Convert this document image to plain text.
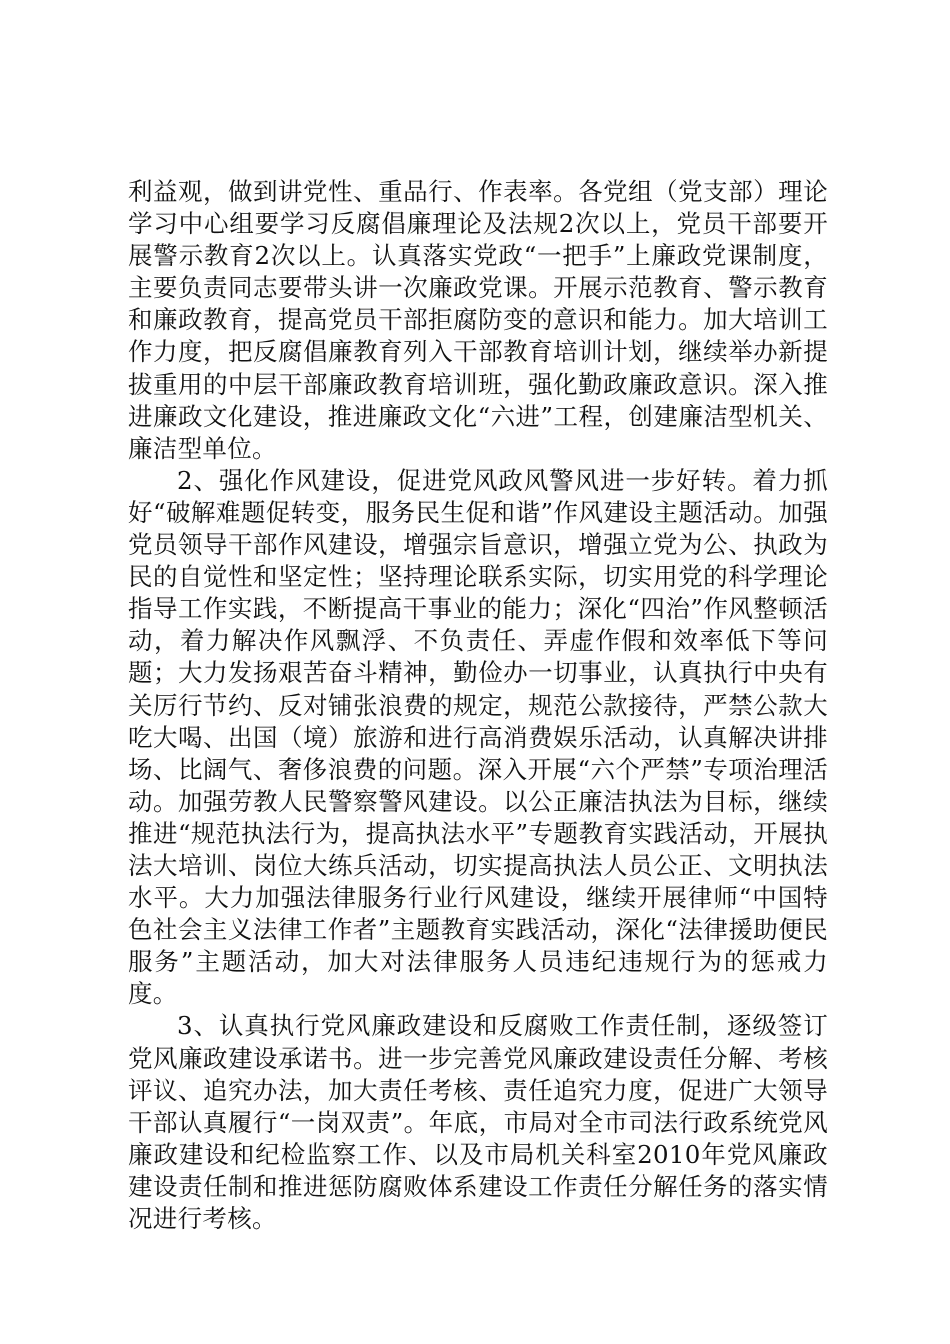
利益观，做到讲党性、重品行、作表率。各党组（党支部）理论学习中心组要学习反腐倡廉理论及法规2次以上，党员干部要开展警示教育2次以上。认真落实党政“一把手”上廉政党课制度，主要负责同志要带头讲一次廉政党课。开展示范教育、警示教育和廉政教育，提高党员干部拒腐防变的意识和能力。加大培训工作力度，把反腐倡廉教育列入干部教育培训计划，继续举办新提拔重用的中层干部廉政教育培训班，强化勤政廉政意识。深入推进廉政文化建设，推进廉政文化“六进”工程，创建廉洁型机关、廉洁型单位。

2、强化作风建设，促进党风政风警风进一步好转。着力抓好“破解难题促转变，服务民生促和谐”作风建设主题活动。加强党员领导干部作风建设，增强宗旨意识，增强立党为公、执政为民的自觉性和坚定性；坚持理论联系实际，切实用党的科学理论指导工作实践，不断提高干事业的能力；深化“四治”作风整顿活动，着力解决作风飘浮、不负责任、弄虚作假和效率低下等问题；大力发扬艰苦奋斗精神，勤俭办一切事业，认真执行中央有关厉行节约、反对铺张浪费的规定，规范公款接待，严禁公款大吃大喝、出国（境）旅游和进行高消费娱乐活动，认真解决讲排场、比阔气、奢侈浪费的问题。深入开展“六个严禁”专项治理活动。加强劳教人民警察警风建设。以公正廉洁执法为目标，继续推进“规范执法行为，提高执法水平”专题教育实践活动，开展执法大培训、岗位大练兵活动，切实提高执法人员公正、文明执法水平。大力加强法律服务行业行风建设，继续开展律师“中国特色社会主义法律工作者”主题教育实践活动，深化“法律援助便民服务”主题活动，加大对法律服务人员违纪违规行为的惩戒力度。

3、认真执行党风廉政建设和反腐败工作责任制，逐级签订党风廉政建设承诺书。进一步完善党风廉政建设责任分解、考核评议、追究办法，加大责任考核、责任追究力度，促进广大领导干部认真履行“一岗双责”。年底，市局对全市司法行政系统党风廉政建设和纪检监察工作、以及市局机关科室2010年党风廉政建设责任制和推进惩防腐败体系建设工作责任分解任务的落实情况进行考核。
